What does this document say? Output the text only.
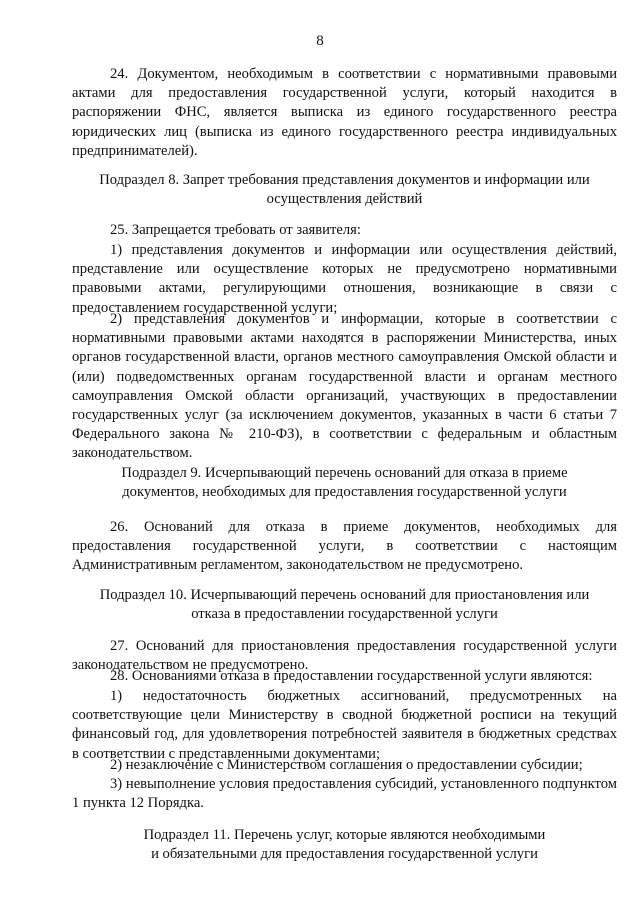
8

24. Документом, необходимым в соответствии с нормативными правовыми актами для предоставления государственной услуги, который находится в распоряжении ФНС, является выписка из единого государственного реестра юридических лиц (выписка из единого государственного реестра индивидуальных предпринимателей).

Подраздел 8. Запрет требования представления документов и информации или

осуществления действий

25. Запрещается требовать от заявителя:

1) представления документов и информации или осуществления действий, представление или осуществление которых не предусмотрено нормативными правовыми актами, регулирующими отношения, возникающие в связи с предоставлением государственной услуги;

2) представления документов и информации, которые в соответствии с нормативными правовыми актами находятся в распоряжении Министерства, иных органов государственной власти, органов местного самоуправления Омской области и (или) подведомственных органам государственной власти и органам местного самоуправления Омской области организаций, участвующих в предоставлении государственных услуг (за исключением документов, указанных в части 6 статьи 7 Федерального закона № 210-ФЗ), в соответствии с федеральным и областным законодательством.

Подраздел 9. Исчерпывающий перечень оснований для отказа в приеме

документов, необходимых для предоставления государственной услуги

26. Оснований для отказа в приеме документов, необходимых для предоставления государственной услуги, в соответствии с настоящим Административным регламентом, законодательством не предусмотрено.

Подраздел 10. Исчерпывающий перечень оснований для приостановления или

отказа в предоставлении государственной услуги

27. Оснований для приостановления предоставления государственной услуги законодательством не предусмотрено.

28. Основаниями отказа в предоставлении государственной услуги являются:

1) недостаточность бюджетных ассигнований, предусмотренных на соответствующие цели Министерству в сводной бюджетной росписи на текущий финансовый год, для удовлетворения потребностей заявителя в бюджетных средствах в соответствии с представленными документами;

2) незаключение с Министерством соглашения о предоставлении субсидии;

3) невыполнение условия предоставления субсидий, установленного подпунктом 1 пункта 12 Порядка.

Подраздел 11. Перечень услуг, которые являются необходимыми

и обязательными для предоставления государственной услуги
